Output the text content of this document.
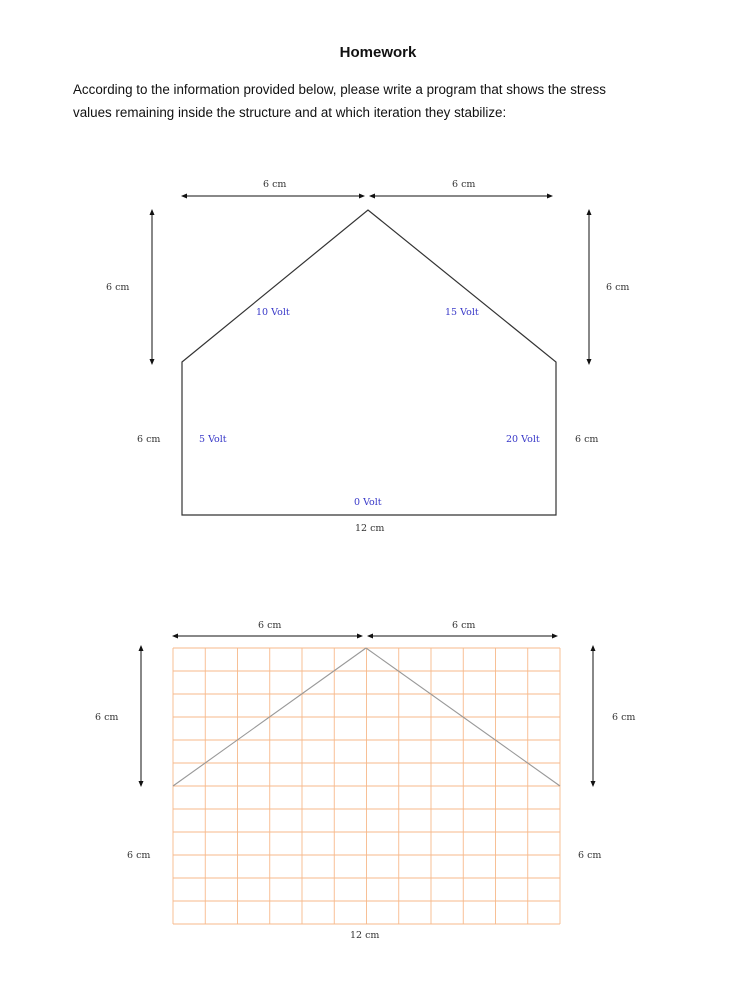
Homework

According to the information provided below, please write a program that shows the stress

values remaining inside the structure and at which iteration they stabilize:

6 cm	6 cm
6 cm	6 cm
6 cm	6 cm
12 cm
10 Volt	15 Volt
5 Volt	20 Volt
0 Volt
6 cm	6 cm
6 cm	6 cm
6 cm	6 cm
12 cm
